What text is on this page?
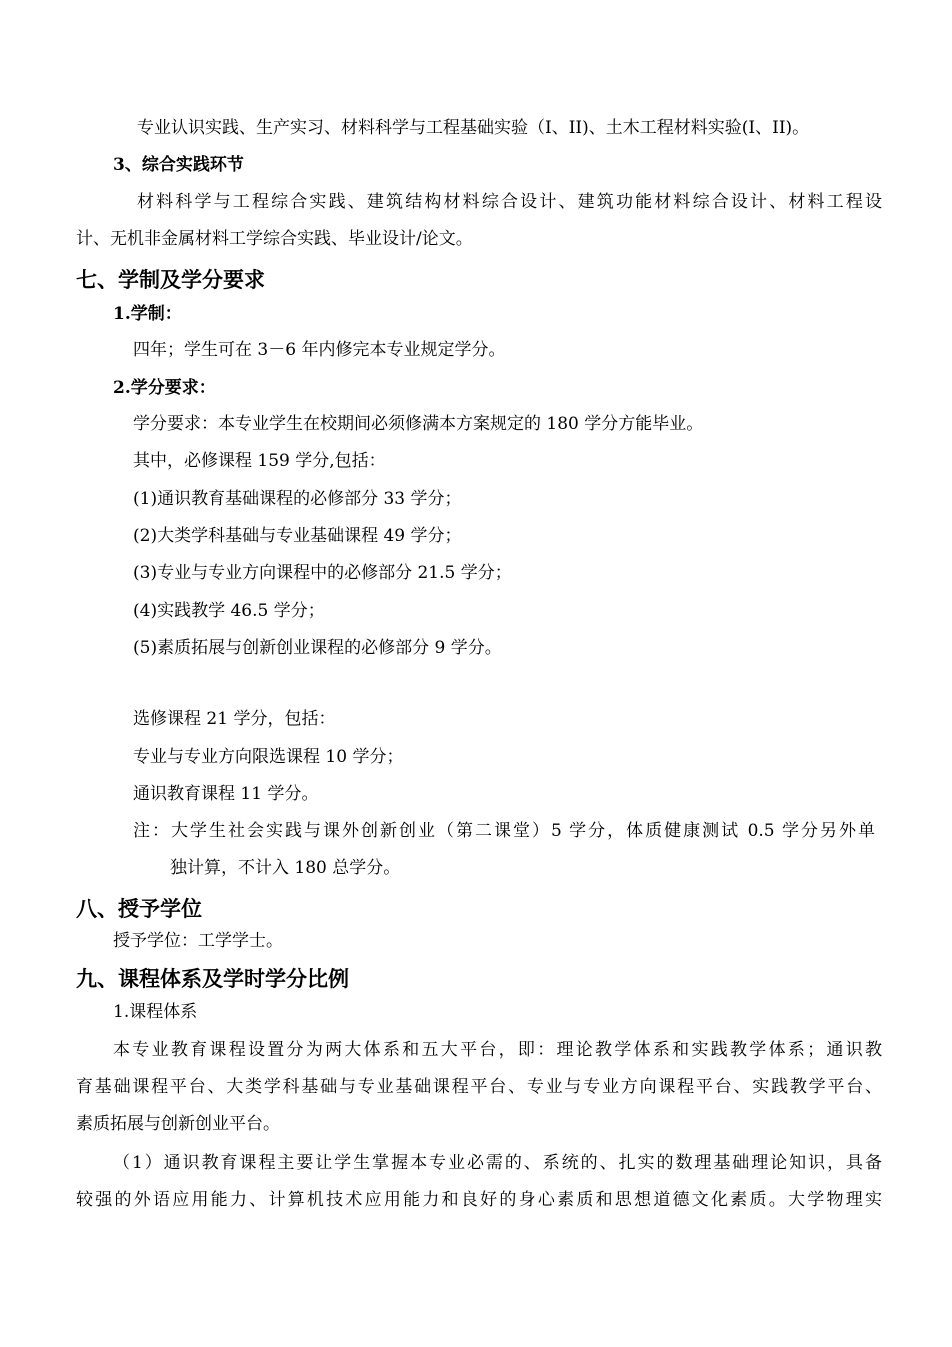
专业认识实践、生产实习、材料科学与工程基础实验（I、II)、土木工程材料实验(I、II)。
3、综合实践环节
材料科学与工程综合实践、建筑结构材料综合设计、建筑功能材料综合设计、材料工程设
计、无机非金属材料工学综合实践、毕业设计/论文。
七、学制及学分要求
1.学制：
四年；学生可在 3－6 年内修完本专业规定学分。
2.学分要求：
学分要求：本专业学生在校期间必须修满本方案规定的 180 学分方能毕业。
其中，必修课程 159 学分,包括：
(1)通识教育基础课程的必修部分 33 学分；
(2)大类学科基础与专业基础课程 49 学分；
(3)专业与专业方向课程中的必修部分 21.5 学分；
(4)实践教学 46.5 学分；
(5)素质拓展与创新创业课程的必修部分 9 学分。
选修课程 21 学分，包括：
专业与专业方向限选课程 10 学分；
通识教育课程 11 学分。
注：大学生社会实践与课外创新创业（第二课堂）5 学分，体质健康测试 0.5 学分另外单
独计算，不计入 180 总学分。
八、授予学位
授予学位：工学学士。
九、课程体系及学时学分比例
1.课程体系
本专业教育课程设置分为两大体系和五大平台，即：理论教学体系和实践教学体系；通识教
育基础课程平台、大类学科基础与专业基础课程平台、专业与专业方向课程平台、实践教学平台、
素质拓展与创新创业平台。
（1）通识教育课程主要让学生掌握本专业必需的、系统的、扎实的数理基础理论知识，具备
较强的外语应用能力、计算机技术应用能力和良好的身心素质和思想道德文化素质。大学物理实
